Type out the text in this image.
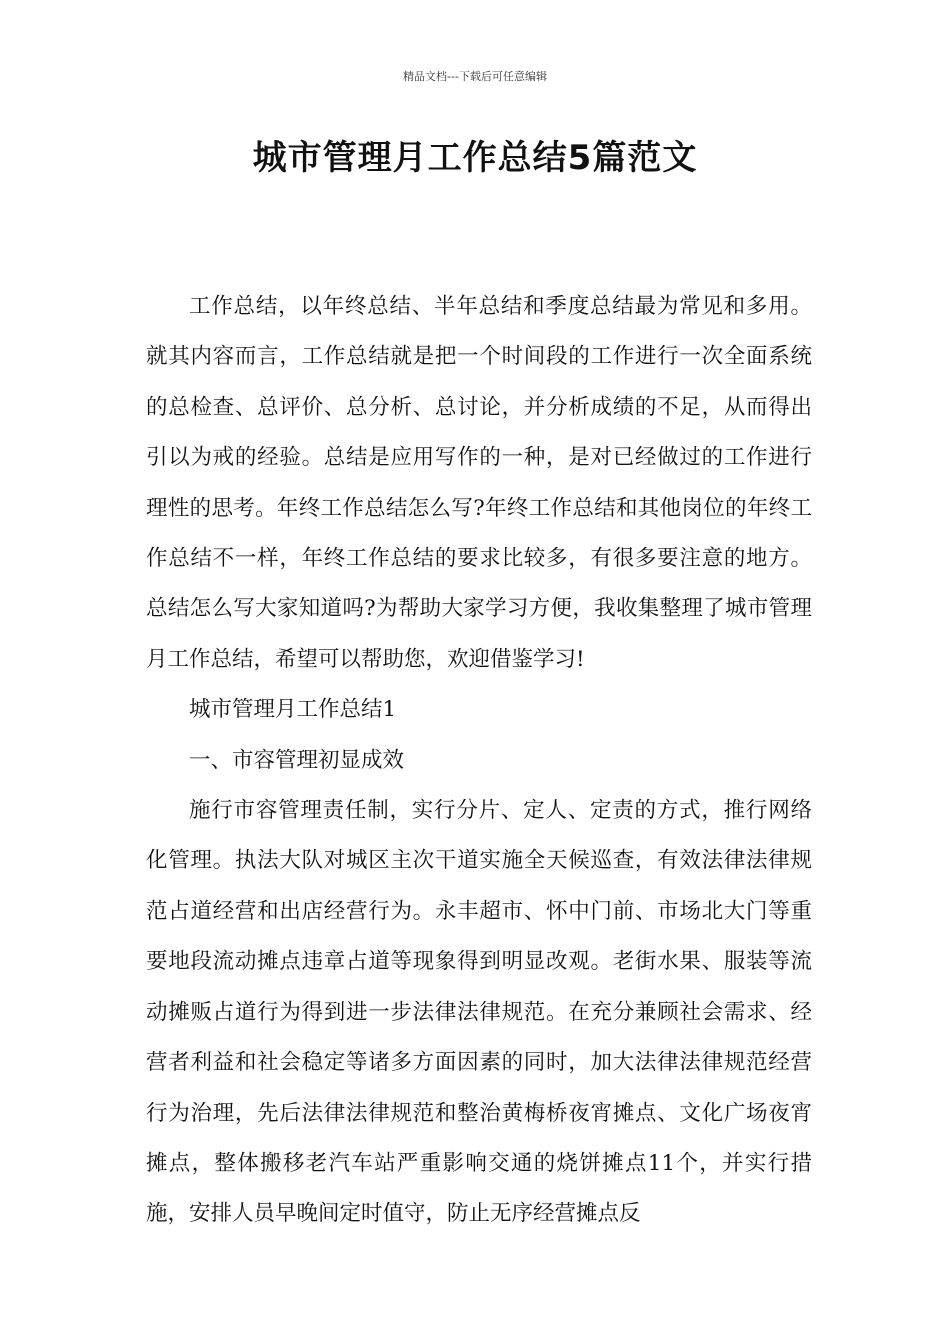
精品文档---下载后可任意编辑
城市管理月工作总结5篇范文

工作总结，以年终总结、半年总结和季度总结最为常见和多用。就其内容而言，工作总结就是把一个时间段的工作进行一次全面系统的总检查、总评价、总分析、总讨论，并分析成绩的不足，从而得出引以为戒的经验。总结是应用写作的一种，是对已经做过的工作进行理性的思考。年终工作总结怎么写?年终工作总结和其他岗位的年终工作总结不一样，年终工作总结的要求比较多，有很多要注意的地方。总结怎么写大家知道吗?为帮助大家学习方便，我收集整理了城市管理月工作总结，希望可以帮助您，欢迎借鉴学习!

城市管理月工作总结1

一、市容管理初显成效

施行市容管理责任制，实行分片、定人、定责的方式，推行网络化管理。执法大队对城区主次干道实施全天候巡查，有效法律法律规范占道经营和出店经营行为。永丰超市、怀中门前、市场北大门等重要地段流动摊点违章占道等现象得到明显改观。老街水果、服装等流动摊贩占道行为得到进一步法律法律规范。在充分兼顾社会需求、经营者利益和社会稳定等诸多方面因素的同时，加大法律法律规范经营行为治理，先后法律法律规范和整治黄梅桥夜宵摊点、文化广场夜宵摊点，整体搬移老汽车站严重影响交通的烧饼摊点11个，并实行措施，安排人员早晚间定时值守，防止无序经营摊点反
